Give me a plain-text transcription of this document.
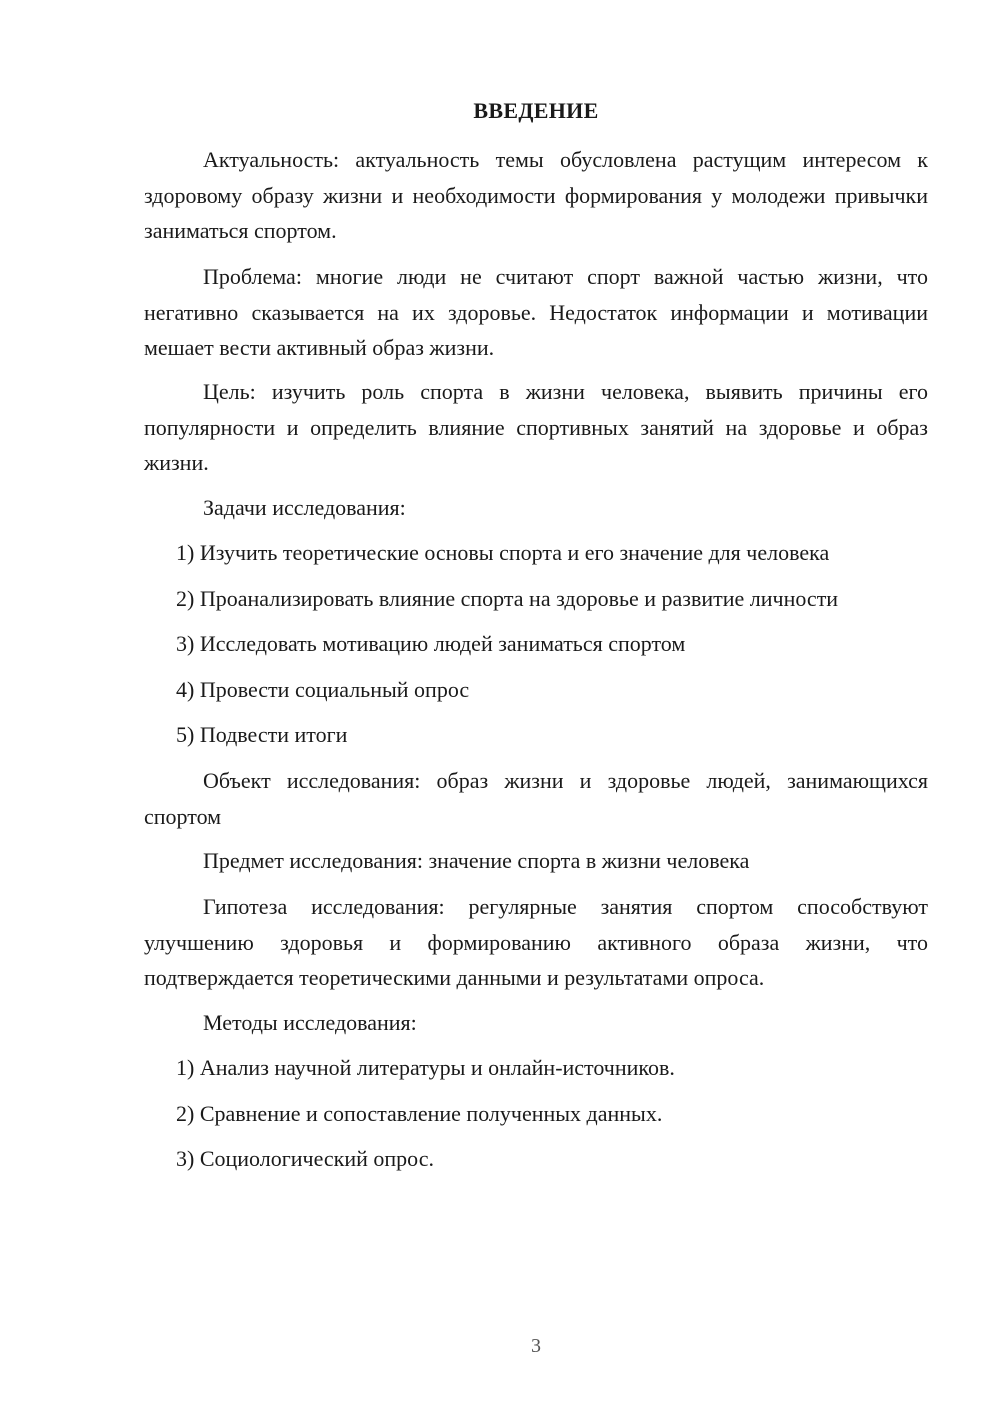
ВВЕДЕНИЕ

Актуальность: актуальность темы обусловлена растущим интересом к здоровому образу жизни и необходимости формирования у молодежи привычки заниматься спортом.

Проблема: многие люди не считают спорт важной частью жизни, что негативно сказывается на их здоровье. Недостаток информации и мотивации мешает вести активный образ жизни.

Цель: изучить роль спорта в жизни человека, выявить причины его популярности и определить влияние спортивных занятий на здоровье и образ жизни.

Задачи исследования:

1) Изучить теоретические основы спорта и его значение для человека

2) Проанализировать влияние спорта на здоровье и развитие личности

3) Исследовать мотивацию людей заниматься спортом

4) Провести социальный опрос

5) Подвести итоги

Объект исследования: образ жизни и здоровье людей, занимающихся спортом

Предмет исследования: значение спорта в жизни человека

Гипотеза исследования: регулярные занятия спортом способствуют улучшению здоровья и формированию активного образа жизни, что подтверждается теоретическими данными и результатами опроса.

Методы исследования:

1) Анализ научной литературы и онлайн-источников.

2) Сравнение и сопоставление полученных данных.

3) Социологический опрос.

3
